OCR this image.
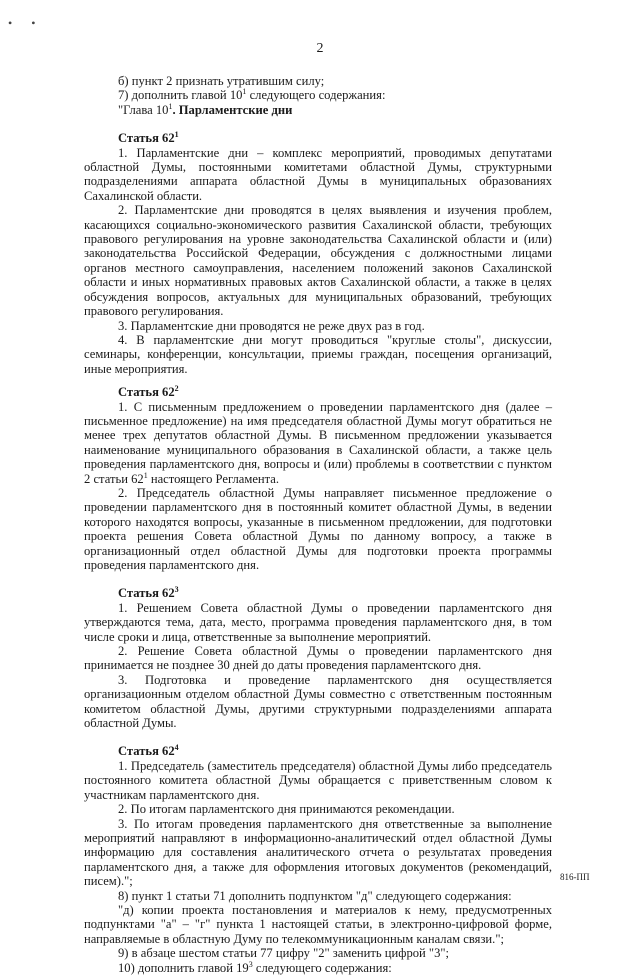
• •
2

б) пункт 2 признать утратившим силу;

7) дополнить главой $10^1$ следующего содержания:

"Глава $10^1$. Парламентские дни

Статья $62^1$

1. Парламентские дни – комплекс мероприятий, проводимых депутатами областной Думы, постоянными комитетами областной Думы, структурными подразделениями аппарата областной Думы в муниципальных образованиях Сахалинской области.

2. Парламентские дни проводятся в целях выявления и изучения проблем, касающихся социально-экономического развития Сахалинской области, требующих правового регулирования на уровне законодательства Сахалинской области и (или) законодательства Российской Федерации, обсуждения с должностными лицами органов местного самоуправления, населением положений законов Сахалинской области и иных нормативных правовых актов Сахалинской области, а также в целях обсуждения вопросов, актуальных для муниципальных образований, требующих правового регулирования.

3. Парламентские дни проводятся не реже двух раз в год.

4. В парламентские дни могут проводиться "круглые столы", дискуссии, семинары, конференции, консультации, приемы граждан, посещения организаций, иные мероприятия.

Статья $62^2$

1. С письменным предложением о проведении парламентского дня (далее – письменное предложение) на имя председателя областной Думы могут обратиться не менее трех депутатов областной Думы. В письменном предложении указывается наименование муниципального образования в Сахалинской области, а также цель проведения парламентского дня, вопросы и (или) проблемы в соответствии с пунктом 2 статьи $62^1$ настоящего Регламента.

2. Председатель областной Думы направляет письменное предложение о проведении парламентского дня в постоянный комитет областной Думы, в ведении которого находятся вопросы, указанные в письменном предложении, для подготовки проекта решения Совета областной Думы по данному вопросу, а также в организационный отдел областной Думы для подготовки проекта программы проведения парламентского дня.

Статья $62^3$

1. Решением Совета областной Думы о проведении парламентского дня утверждаются тема, дата, место, программа проведения парламентского дня, в том числе сроки и лица, ответственные за выполнение мероприятий.

2. Решение Совета областной Думы о проведении парламентского дня принимается не позднее 30 дней до даты проведения парламентского дня.

3. Подготовка и проведение парламентского дня осуществляется организационным отделом областной Думы совместно с ответственным постоянным комитетом областной Думы, другими структурными подразделениями аппарата областной Думы.

Статья $62^4$

1. Председатель (заместитель председателя) областной Думы либо председатель постоянного комитета областной Думы обращается с приветственным словом к участникам парламентского дня.

2. По итогам парламентского дня принимаются рекомендации.

3. По итогам проведения парламентского дня ответственные за выполнение мероприятий направляют в информационно-аналитический отдел областной Думы информацию для составления аналитического отчета о результатах проведения парламентского дня, а также для оформления итоговых документов (рекомендаций, писем).";

8) пункт 1 статьи 71 дополнить подпунктом "д" следующего содержания:

"д) копии проекта постановления и материалов к нему, предусмотренных подпунктами "а" – "г" пункта 1 настоящей статьи, в электронно-цифровой форме, направляемые в областную Думу по телекоммуникационным каналам связи.";

9) в абзаце шестом статьи 77 цифру "2" заменить цифрой "3";

10) дополнить главой $19^3$ следующего содержания:

816-ПП
